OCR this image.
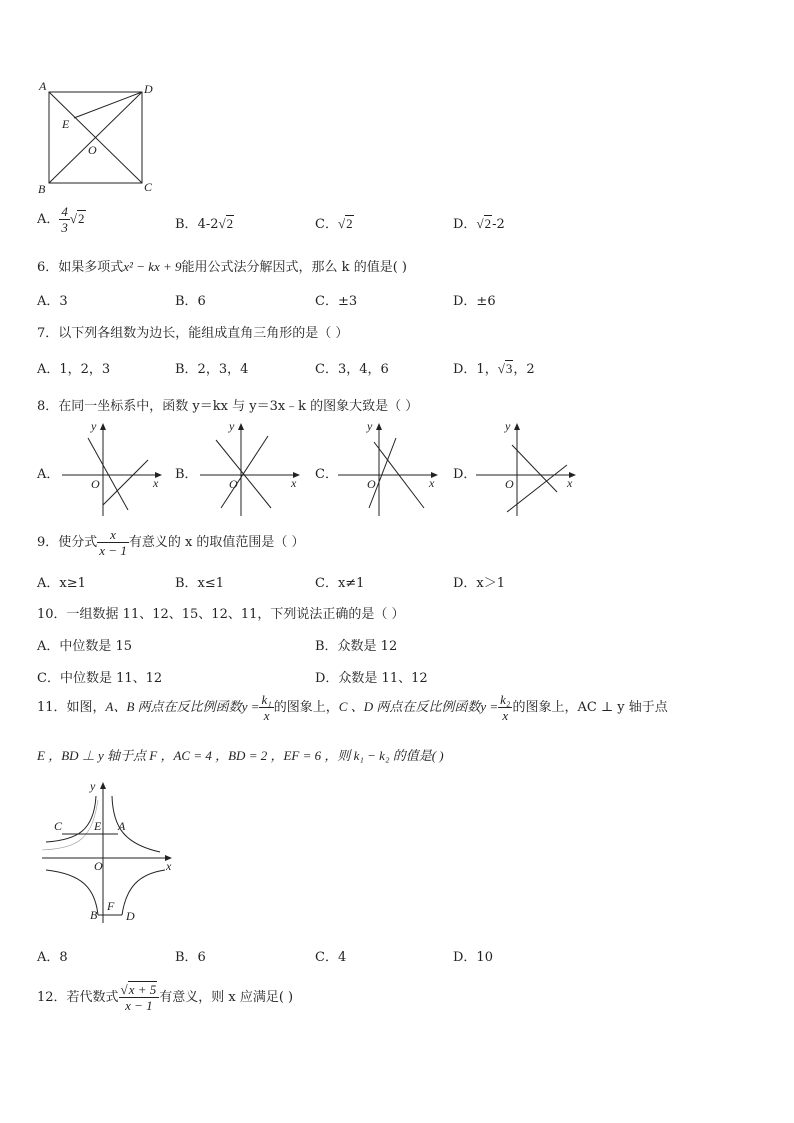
A	D
E
O
B	C
A． $\frac{4}{3} √2$	B．4-2√2	C．√2	D．√2-2
6．如果多项式x² − kx + 9能用公式法分解因式，那么 k 的值是( )
A．3	B．6	C．±3	D．±6
7．以下列各组数为边长，能组成直角三角形的是（ ）
A．1，2，3	B．2，3，4	C．3，4，6	D．1，√3，2
8．在同一坐标系中，函数 y＝kx 与 y＝3x﹣k 的图象大致是（ ）
A．
y
x
O
B．
y
x
O
C．
y
x
O
D．
y
x
O
9．使分式 $\frac{x}{x - 1}$ 有意义的 x 的取值范围是（ ）
A．x≥1	B．x≤1	C．x≠1	D．x＞1
10．一组数据 11、12、15、12、11，下列说法正确的是（ ）
A．中位数是 15	B．众数是 12
C．中位数是 11、12	D．众数是 11、12
11．如图，A、B 两点在反比例函数$y = \frac{\text{k₁}}{x}$ 的图象上，C 、D 两点在反比例函数$y = \frac{\text{k₂}}{x}$ 的图象上，AC ⊥ y 轴于点
E ，BD ⊥ y 轴于点 F ，AC = 4 ，BD = 2 ，EF = 6 ，则 k₁ − k₂ 的值是( )
y
x
O
C	E A
B
F
D
A．8	B．6	C．4	D．10
12．若代数式 $\frac{√x + 5}{x - 1}$ 有意义，则 x 应满足( )
